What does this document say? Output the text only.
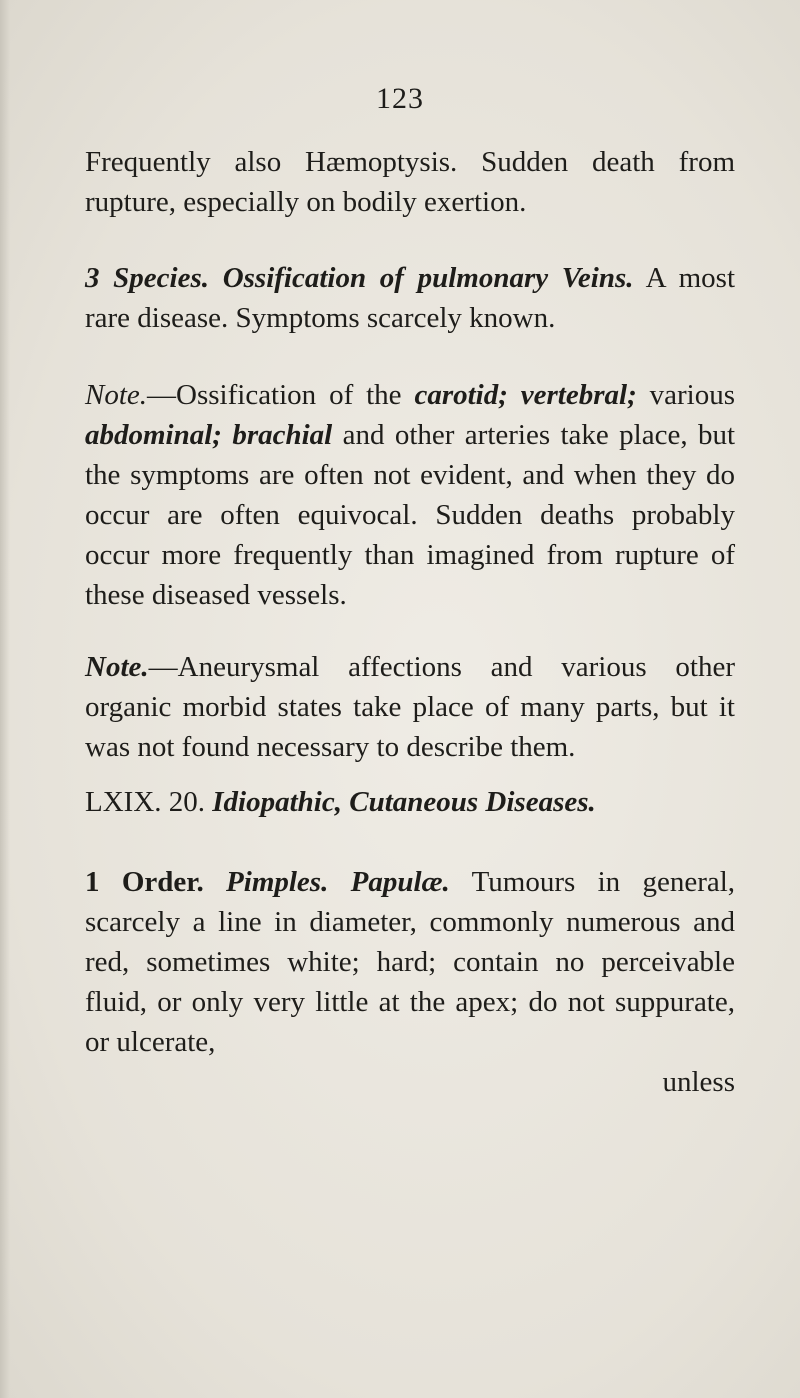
123

Frequently also Hæmoptysis. Sudden death from rupture, especially on bodily exertion.

3 Species. Ossification of pulmonary Veins. A most rare disease. Symptoms scarcely known.

Note.—Ossification of the carotid; vertebral; various abdominal; brachial and other arteries take place, but the symptoms are often not evident, and when they do occur are often equivocal. Sudden deaths probably occur more frequently than imagined from rupture of these diseased vessels.

Note.—Aneurysmal affections and various other organic morbid states take place of many parts, but it was not found necessary to describe them.

LXIX. 20. Idiopathic, Cutaneous Diseases.

1 Order. Pimples. Papulæ. Tumours in general, scarcely a line in diameter, commonly numerous and red, sometimes white; hard; contain no perceivable fluid, or only very little at the apex; do not suppurate, or ulcerate,

unless
